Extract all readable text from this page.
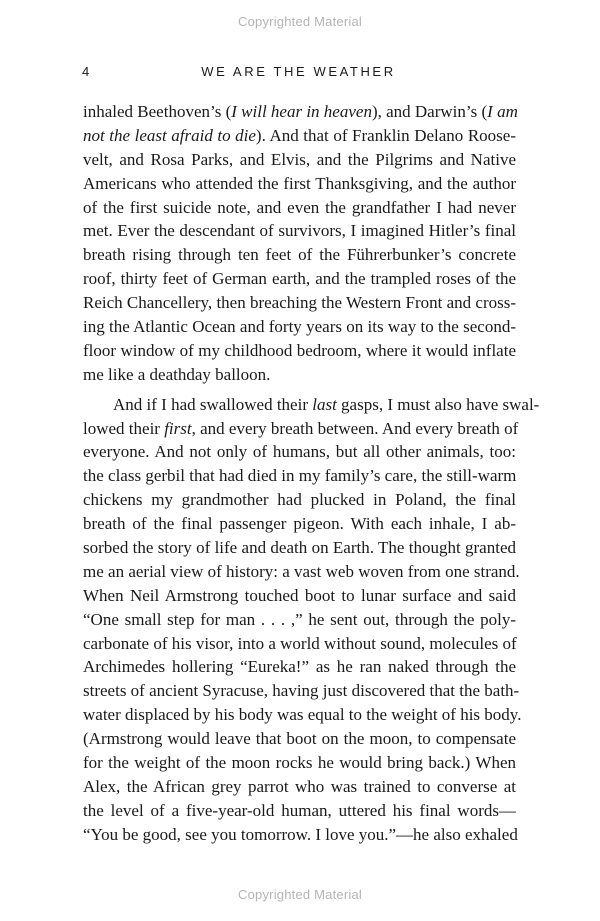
Copyrighted Material
4	WE ARE THE WEATHER
inhaled Beethoven’s (I will hear in heaven), and Darwin’s (I am
not the least afraid to die). And that of Franklin Delano Roose-
velt, and Rosa Parks, and Elvis, and the Pilgrims and Native
Americans who attended the first Thanksgiving, and the author
of the first suicide note, and even the grandfather I had never
met. Ever the descendant of survivors, I imagined Hitler’s final
breath rising through ten feet of the Führerbunker’s concrete
roof, thirty feet of German earth, and the trampled roses of the
Reich Chancellery, then breaching the Western Front and cross-
ing the Atlantic Ocean and forty years on its way to the second-
floor window of my childhood bedroom, where it would inflate
me like a deathday balloon.
And if I had swallowed their last gasps, I must also have swal-
lowed their first, and every breath between. And every breath of
everyone. And not only of humans, but all other animals, too:
the class gerbil that had died in my family’s care, the still-warm
chickens my grandmother had plucked in Poland, the final
breath of the final passenger pigeon. With each inhale, I ab-
sorbed the story of life and death on Earth. The thought granted
me an aerial view of history: a vast web woven from one strand.
When Neil Armstrong touched boot to lunar surface and said
“One small step for man . . . ,” he sent out, through the poly-
carbonate of his visor, into a world without sound, molecules of
Archimedes hollering “Eureka!” as he ran naked through the
streets of ancient Syracuse, having just discovered that the bath-
water displaced by his body was equal to the weight of his body.
(Armstrong would leave that boot on the moon, to compensate
for the weight of the moon rocks he would bring back.) When
Alex, the African grey parrot who was trained to converse at
the level of a five-year-old human, uttered his final words—
“You be good, see you tomorrow. I love you.”—he also exhaled
Copyrighted Material
